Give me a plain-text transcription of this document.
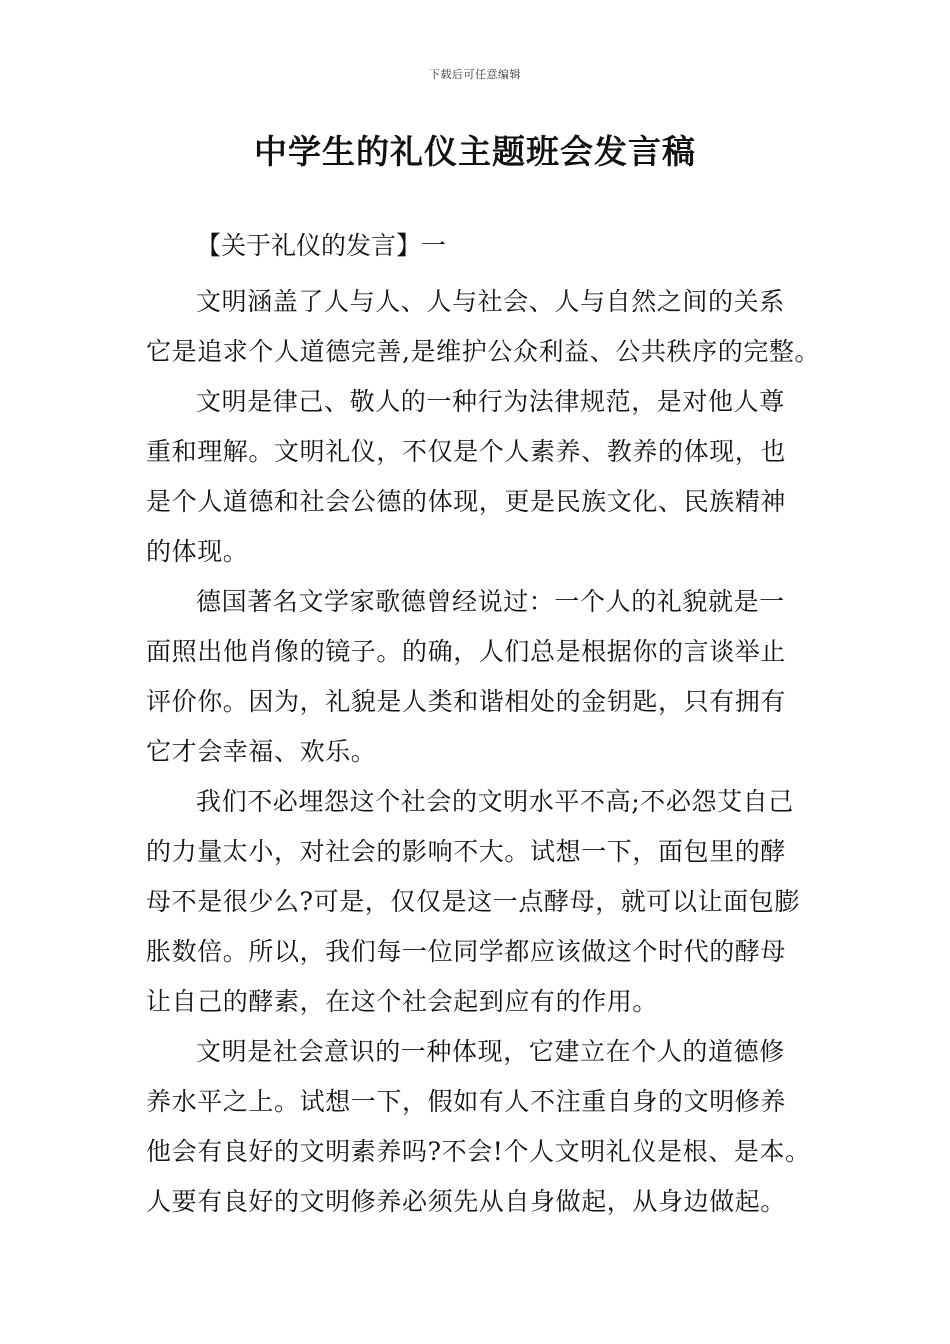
下载后可任意编辑
中学生的礼仪主题班会发言稿
【关于礼仪的发言】一
文明涵盖了人与人、人与社会、人与自然之间的关系
它是追求个人道德完善,是维护公众利益、公共秩序的完整。
文明是律己、敬人的一种行为法律规范，是对他人尊
重和理解。文明礼仪，不仅是个人素养、教养的体现，也
是个人道德和社会公德的体现，更是民族文化、民族精神
的体现。
德国著名文学家歌德曾经说过：一个人的礼貌就是一
面照出他肖像的镜子。的确，人们总是根据你的言谈举止
评价你。因为，礼貌是人类和谐相处的金钥匙，只有拥有
它才会幸福、欢乐。
我们不必埋怨这个社会的文明水平不高;不必怨艾自己
的力量太小，对社会的影响不大。试想一下，面包里的酵
母不是很少么?可是，仅仅是这一点酵母，就可以让面包膨
胀数倍。所以，我们每一位同学都应该做这个时代的酵母
让自己的酵素，在这个社会起到应有的作用。
文明是社会意识的一种体现，它建立在个人的道德修
养水平之上。试想一下，假如有人不注重自身的文明修养
他会有良好的文明素养吗?不会!个人文明礼仪是根、是本。
人要有良好的文明修养必须先从自身做起，从身边做起。
